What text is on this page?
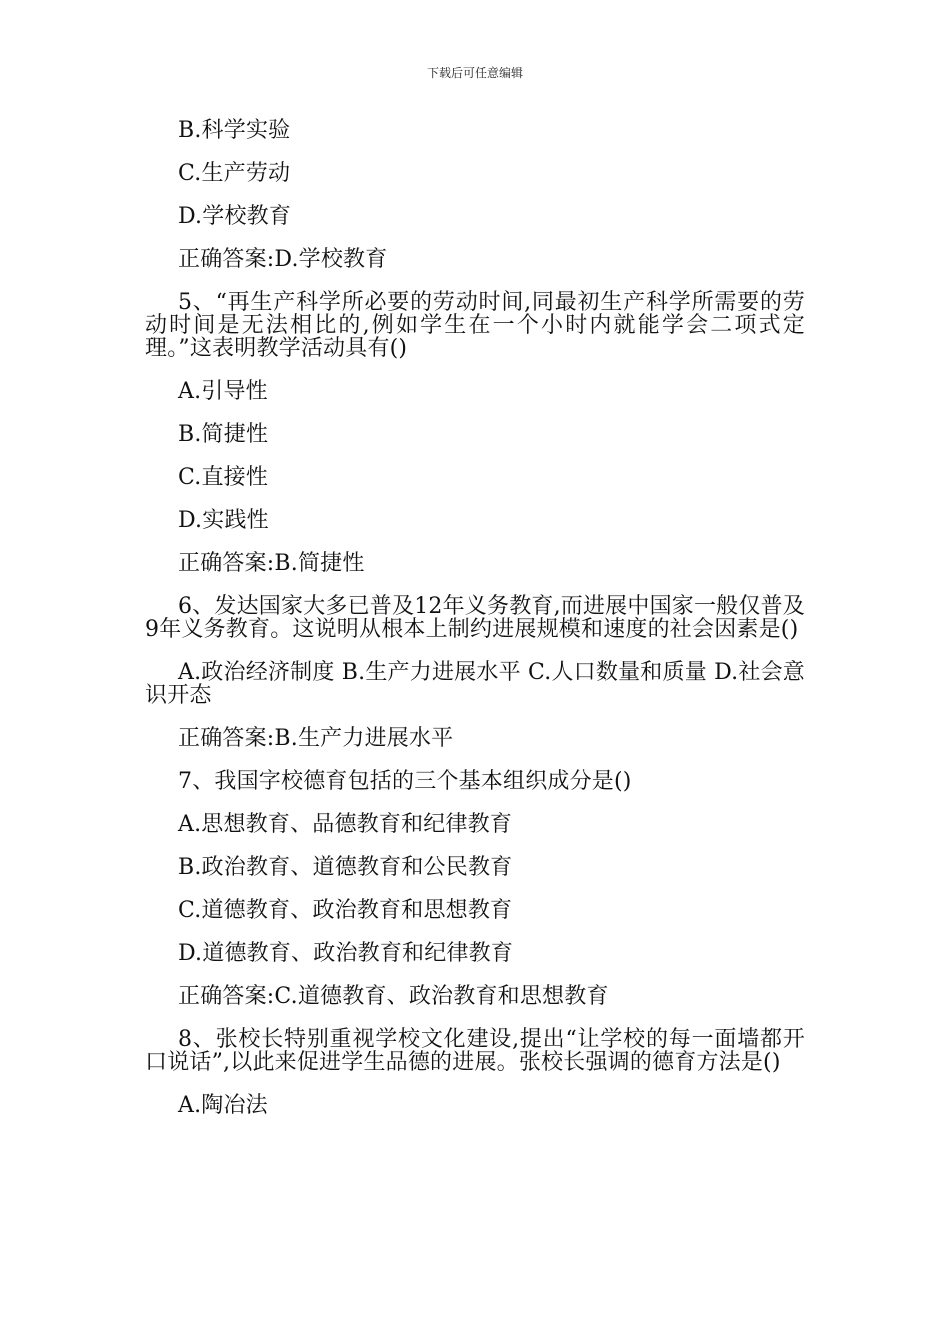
下载后可任意编辑

B.科学实验

C.生产劳动

D.学校教育

正确答案:D.学校教育

5、“再生产科学所必要的劳动时间,同最初生产科学所需要的劳动时间是无法相比的,例如学生在一个小时内就能学会二项式定理。”这表明教学活动具有()

A.引导性

B.简捷性

C.直接性

D.实践性

正确答案:B.简捷性

6、发达国家大多已普及12年义务教育,而进展中国家一般仅普及9年义务教育。这说明从根本上制约进展规模和速度的社会因素是()

A.政治经济制度 B.生产力进展水平 C.人口数量和质量 D.社会意识开态

正确答案:B.生产力进展水平

7、我国字校德育包括的三个基本组织成分是()

A.思想教育、品德教育和纪律教育

B.政治教育、道德教育和公民教育

C.道德教育、政治教育和思想教育

D.道德教育、政治教育和纪律教育

正确答案:C.道德教育、政治教育和思想教育

8、张校长特别重视学校文化建设,提出“让学校的每一面墙都开口说话”,以此来促进学生品德的进展。张校长强调的德育方法是()

A.陶冶法
